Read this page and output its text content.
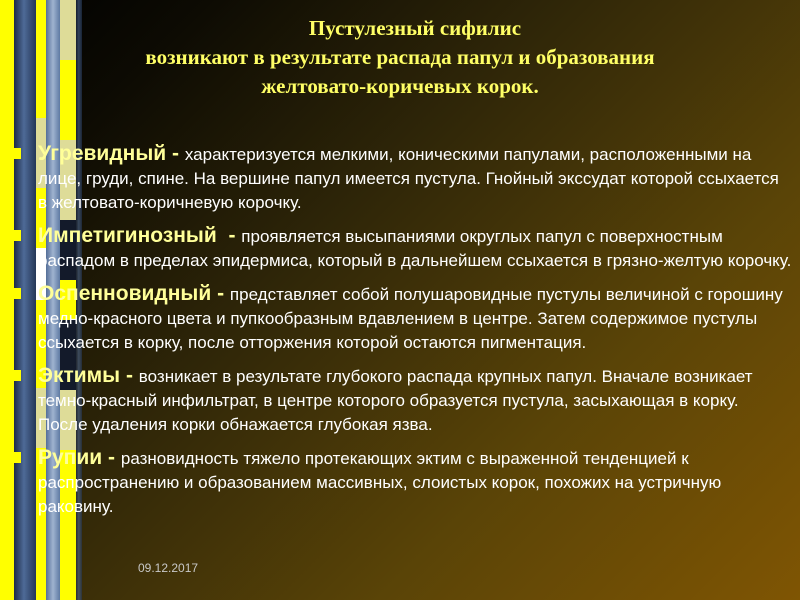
Пустулезный сифилис
возникают в результате распада папул и образования
желтовато-коричевых корок.
Угревидный - характеризуется мелкими, коническими папулами, расположенными на лице, груди, спине. На вершине папул имеется пустула. Гнойный экссудат которой ссыхается в желтовато-коричневую корочку.
Импетигинозный  - проявляется высыпаниями округлых папул с поверхностным распадом в пределах эпидермиса, который в дальнейшем ссыхается в грязно-желтую корочку.
Оспенновидный - представляет собой полушаровидные пустулы величиной с горошину медно-красного цвета и пупкообразным вдавлением в центре. Затем содержимое пустулы ссыхается в корку, после отторжения которой остаются пигментация.
Эктимы - возникает в результате глубокого распада крупных папул. Вначале возникает темно-красный инфильтрат, в центре которого образуется пустула, засыхающая в корку. После удаления корки обнажается глубокая язва.
Рупии - разновидность тяжело протекающих эктим с выраженной тенденцией к распространению и образованием массивных, слоистых корок, похожих на устричную раковину.
09.12.2017
